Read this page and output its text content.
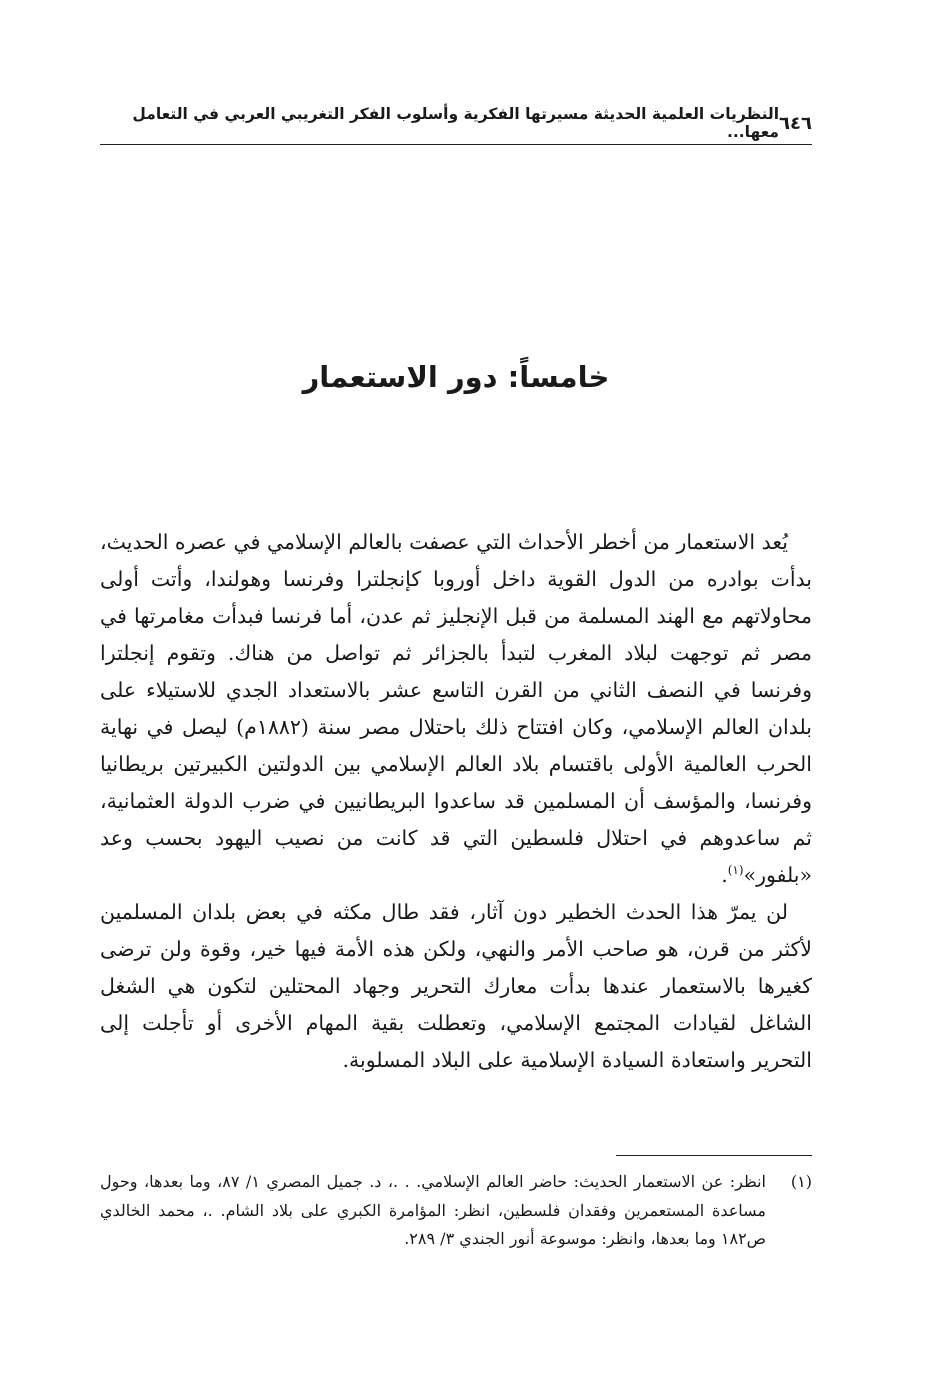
٦٤٦
النظريات العلمية الحديثة مسيرتها الفكرية وأسلوب الفكر التغريبي العربي في التعامل معها...
خامساً: دور الاستعمار

يُعد الاستعمار من أخطر الأحداث التي عصفت بالعالم الإسلامي في عصره الحديث، بدأت بوادره من الدول القوية داخل أوروبا كإنجلترا وفرنسا وهولندا، وأتت أولى محاولاتهم مع الهند المسلمة من قبل الإنجليز ثم عدن، أما فرنسا فبدأت مغامرتها في مصر ثم توجهت لبلاد المغرب لتبدأ بالجزائر ثم تواصل من هناك. وتقوم إنجلترا وفرنسا في النصف الثاني من القرن التاسع عشر بالاستعداد الجدي للاستيلاء على بلدان العالم الإسلامي، وكان افتتاح ذلك باحتلال مصر سنة (١٨٨٢م) ليصل في نهاية الحرب العالمية الأولى باقتسام بلاد العالم الإسلامي بين الدولتين الكبيرتين بريطانيا وفرنسا، والمؤسف أن المسلمين قد ساعدوا البريطانيين في ضرب الدولة العثمانية، ثم ساعدوهم في احتلال فلسطين التي قد كانت من نصيب اليهود بحسب وعد «بلفور»$^{(١)}$.

لن يمرّ هذا الحدث الخطير دون آثار، فقد طال مكثه في بعض بلدان المسلمين لأكثر من قرن، هو صاحب الأمر والنهي، ولكن هذه الأمة فيها خير، وقوة ولن ترضى كغيرها بالاستعمار عندها بدأت معارك التحرير وجهاد المحتلين لتكون هي الشغل الشاغل لقيادات المجتمع الإسلامي، وتعطلت بقية المهام الأخرى أو تأجلت إلى التحرير واستعادة السيادة الإسلامية على البلاد المسلوبة.

(١)
انظر: عن الاستعمار الحديث: حاضر العالم الإسلامي. . .، د. جميل المصري ١/ ٨٧، وما بعدها، وحول مساعدة المستعمرين وفقدان فلسطين، انظر: المؤامرة الكبري على بلاد الشام. .، محمد الخالدي ص١٨٢ وما بعدها، وانظر: موسوعة أنور الجندي ٣/ ٢٨٩.
